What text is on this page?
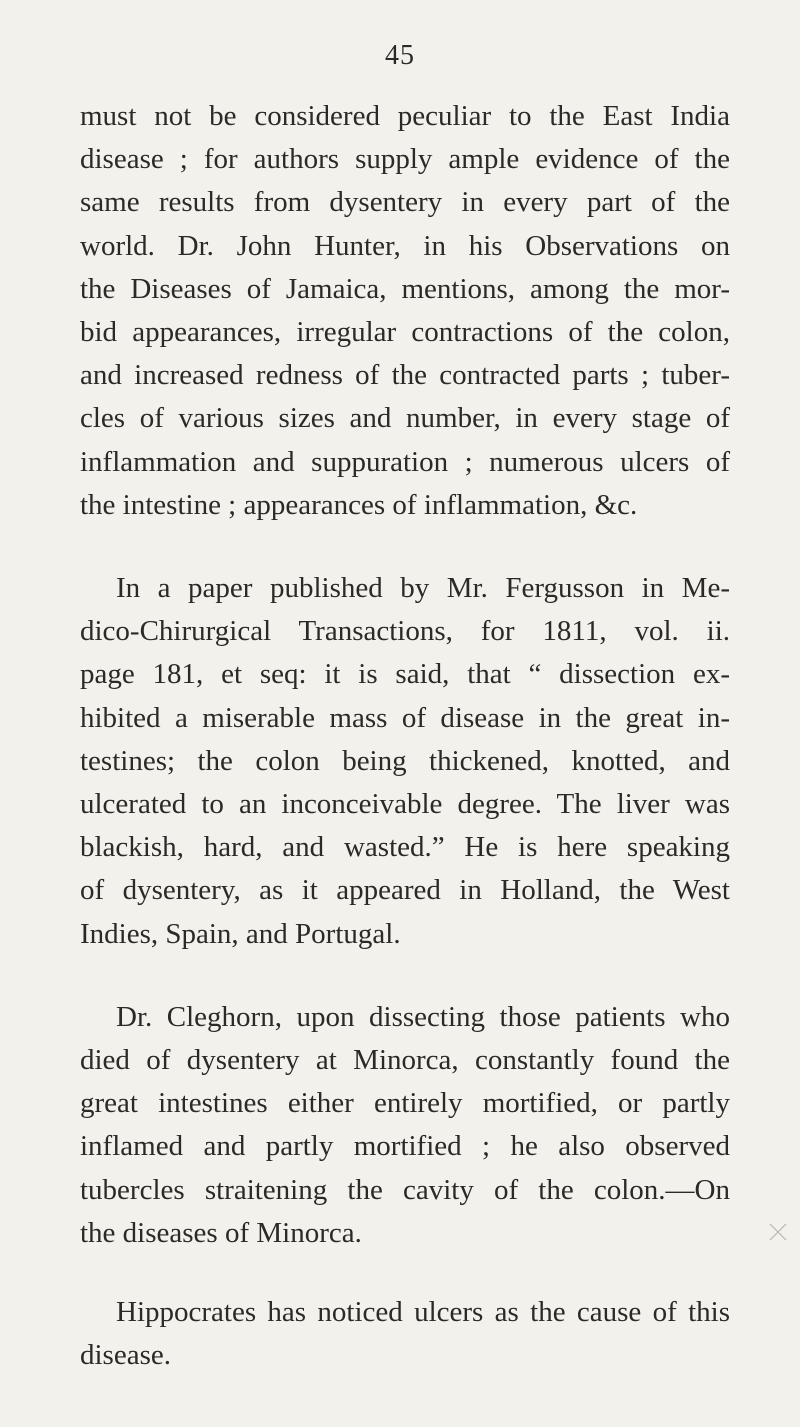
45

must not be considered peculiar to the East India
disease ; for authors supply ample evidence of the
same results from dysentery in every part of the
world. Dr. John Hunter, in his Observations on
the Diseases of Jamaica, mentions, among the mor-
bid appearances, irregular contractions of the colon,
and increased redness of the contracted parts ; tuber-
cles of various sizes and number, in every stage of
inflammation and suppuration ; numerous ulcers of
the intestine ; appearances of inflammation, &c.

In a paper published by Mr. Fergusson in Me-
dico-Chirurgical Transactions, for 1811, vol. ii.
page 181, et seq: it is said, that “ dissection ex-
hibited a miserable mass of disease in the great in-
testines; the colon being thickened, knotted, and
ulcerated to an inconceivable degree. The liver was
blackish, hard, and wasted.” He is here speaking
of dysentery, as it appeared in Holland, the West
Indies, Spain, and Portugal.

Dr. Cleghorn, upon dissecting those patients who
died of dysentery at Minorca, constantly found the
great intestines either entirely mortified, or partly
inflamed and partly mortified ; he also observed
tubercles straitening the cavity of the colon.—On
the diseases of Minorca.

Hippocrates has noticed ulcers as the cause of this
disease.
